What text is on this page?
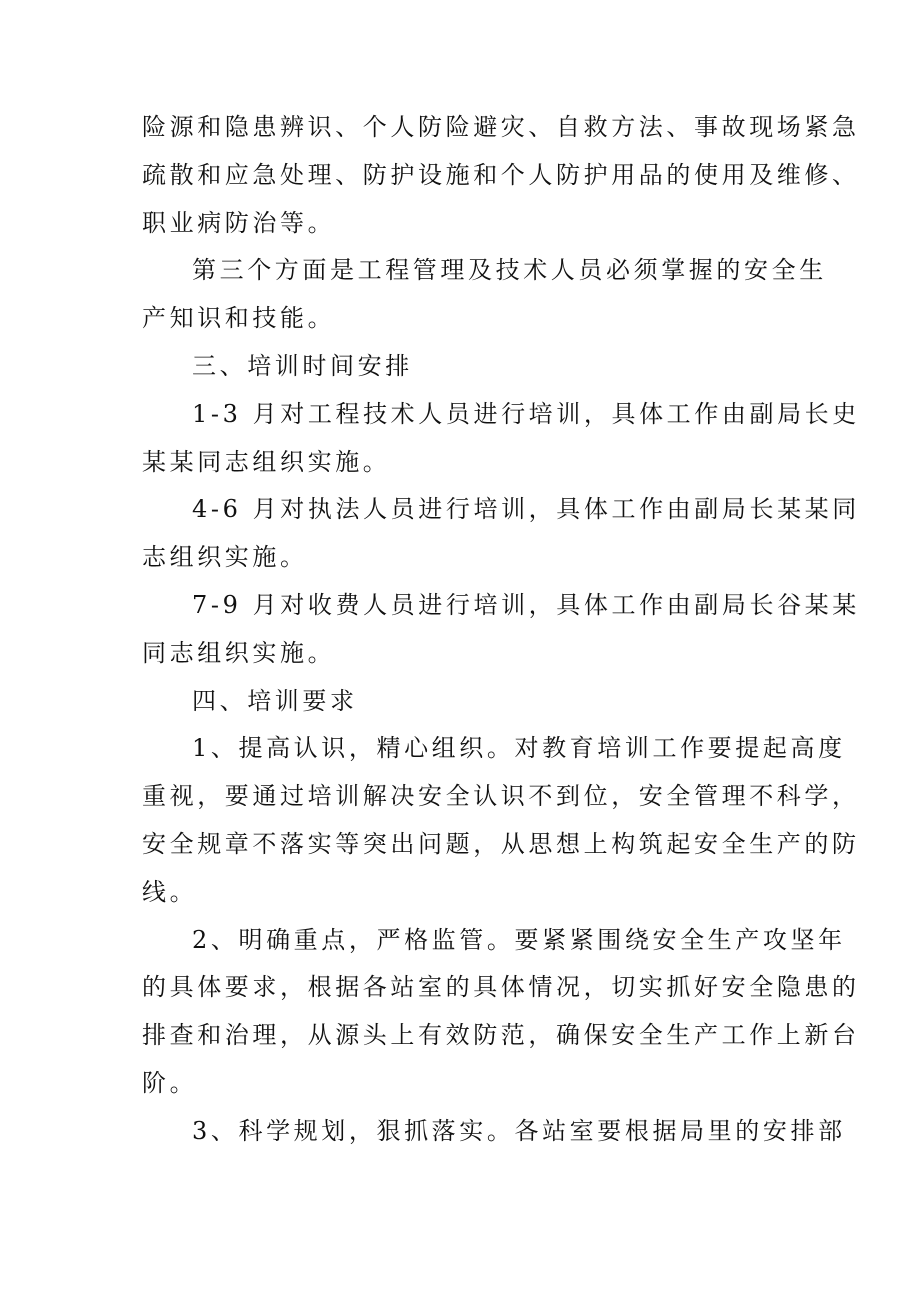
险源和隐患辨识、个人防险避灾、自救方法、事故现场紧急
疏散和应急处理、防护设施和个人防护用品的使用及维修、
职业病防治等。
第三个方面是工程管理及技术人员必须掌握的安全生
产知识和技能。
三、培训时间安排
1-3 月对工程技术人员进行培训，具体工作由副局长史
某某同志组织实施。
4-6 月对执法人员进行培训，具体工作由副局长某某同
志组织实施。
7-9 月对收费人员进行培训，具体工作由副局长谷某某
同志组织实施。
四、培训要求
1、提高认识，精心组织。对教育培训工作要提起高度
重视，要通过培训解决安全认识不到位，安全管理不科学，
安全规章不落实等突出问题，从思想上构筑起安全生产的防
线。
2、明确重点，严格监管。要紧紧围绕安全生产攻坚年
的具体要求，根据各站室的具体情况，切实抓好安全隐患的
排查和治理，从源头上有效防范，确保安全生产工作上新台
阶。
3、科学规划，狠抓落实。各站室要根据局里的安排部
